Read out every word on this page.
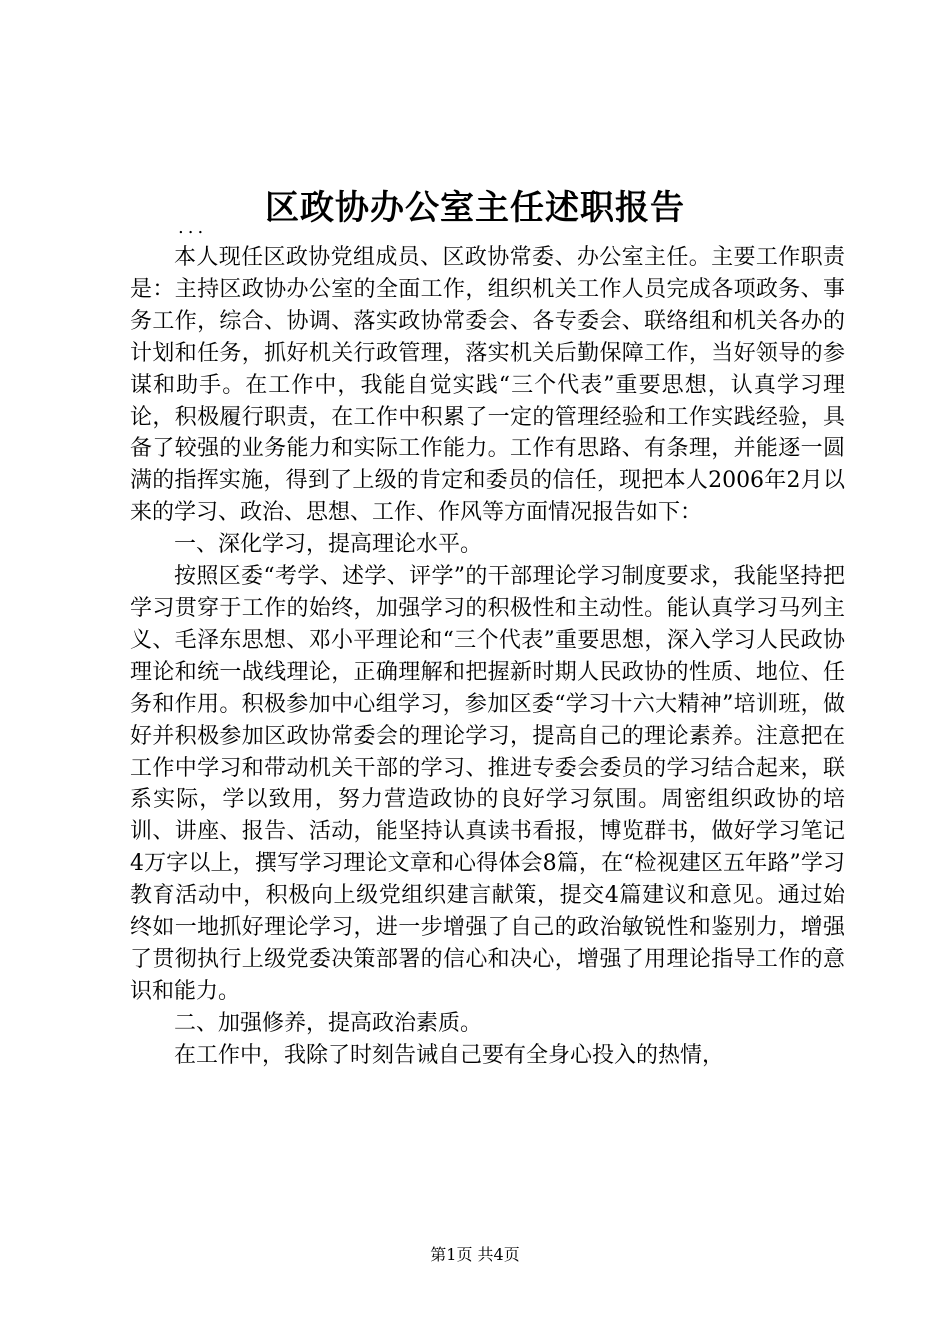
区政协办公室主任述职报告
...

本人现任区政协党组成员、区政协常委、办公室主任。主要工作职责是：主持区政协办公室的全面工作，组织机关工作人员完成各项政务、事务工作，综合、协调、落实政协常委会、各专委会、联络组和机关各办的计划和任务，抓好机关行政管理，落实机关后勤保障工作，当好领导的参谋和助手。在工作中，我能自觉实践“三个代表”重要思想，认真学习理论，积极履行职责，在工作中积累了一定的管理经验和工作实践经验，具备了较强的业务能力和实际工作能力。工作有思路、有条理，并能逐一圆满的指挥实施，得到了上级的肯定和委员的信任，现把本人2006年2月以来的学习、政治、思想、工作、作风等方面情况报告如下：

一、深化学习，提高理论水平。

按照区委“考学、述学、评学”的干部理论学习制度要求，我能坚持把学习贯穿于工作的始终，加强学习的积极性和主动性。能认真学习马列主义、毛泽东思想、邓小平理论和“三个代表”重要思想，深入学习人民政协理论和统一战线理论，正确理解和把握新时期人民政协的性质、地位、任务和作用。积极参加中心组学习，参加区委“学习十六大精神”培训班，做好并积极参加区政协常委会的理论学习，提高自己的理论素养。注意把在工作中学习和带动机关干部的学习、推进专委会委员的学习结合起来，联系实际，学以致用，努力营造政协的良好学习氛围。周密组织政协的培训、讲座、报告、活动，能坚持认真读书看报，博览群书，做好学习笔记4万字以上，撰写学习理论文章和心得体会8篇，在“检视建区五年路”学习教育活动中，积极向上级党组织建言献策，提交4篇建议和意见。通过始终如一地抓好理论学习，进一步增强了自己的政治敏锐性和鉴别力，增强了贯彻执行上级党委决策部署的信心和决心，增强了用理论指导工作的意识和能力。

二、加强修养，提高政治素质。

在工作中，我除了时刻告诫自己要有全身心投入的热情，

第1页 共4页
